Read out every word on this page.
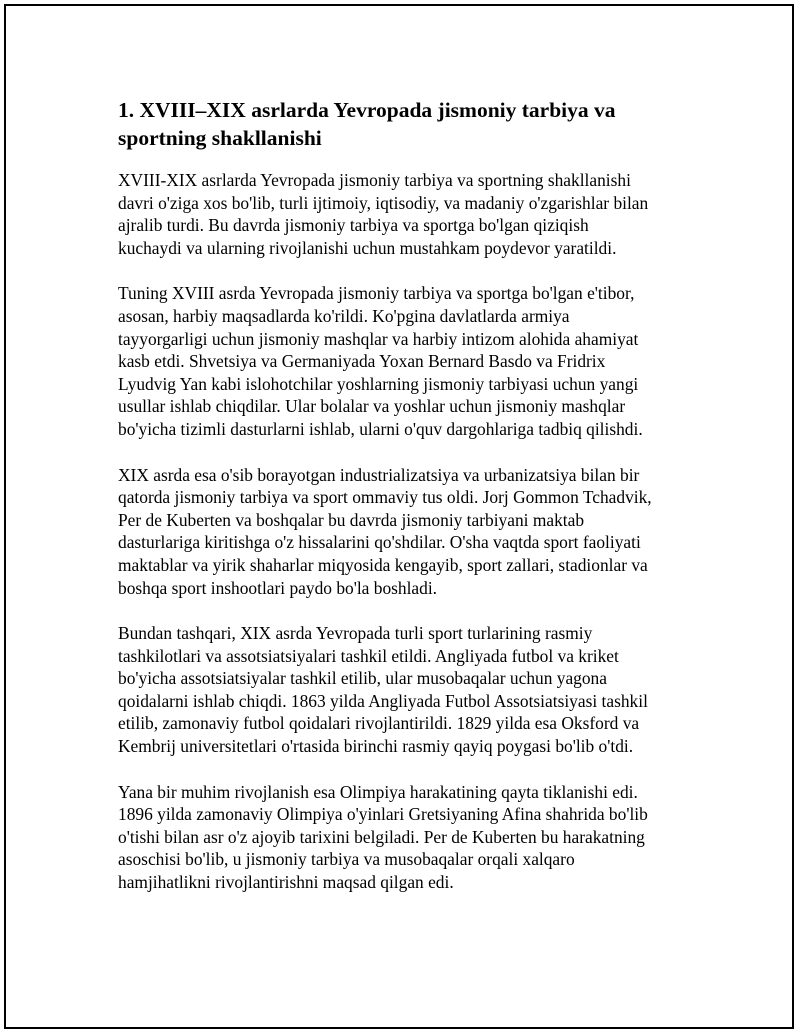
1. XVIII–XIX asrlarda Yevropada jismoniy tarbiya va
sportning shakllanishi
XVIII-XIX asrlarda Yevropada jismoniy tarbiya va sportning shakllanishi
davri o'ziga xos bo'lib, turli ijtimoiy, iqtisodiy, va madaniy o'zgarishlar bilan
ajralib turdi. Bu davrda jismoniy tarbiya va sportga bo'lgan qiziqish
kuchaydi va ularning rivojlanishi uchun mustahkam poydevor yaratildi.
Tuning XVIII asrda Yevropada jismoniy tarbiya va sportga bo'lgan e'tibor,
asosan, harbiy maqsadlarda ko'rildi. Ko'pgina davlatlarda armiya
tayyorgarligi uchun jismoniy mashqlar va harbiy intizom alohida ahamiyat
kasb etdi. Shvetsiya va Germaniyada Yoxan Bernard Basdo va Fridrix
Lyudvig Yan kabi islohotchilar yoshlarning jismoniy tarbiyasi uchun yangi
usullar ishlab chiqdilar. Ular bolalar va yoshlar uchun jismoniy mashqlar
bo'yicha tizimli dasturlarni ishlab, ularni o'quv dargohlariga tadbiq qilishdi.
XIX asrda esa o'sib borayotgan industrializatsiya va urbanizatsiya bilan bir
qatorda jismoniy tarbiya va sport ommaviy tus oldi. Jorj Gommon Tchadvik,
Per de Kuberten va boshqalar bu davrda jismoniy tarbiyani maktab
dasturlariga kiritishga o'z hissalarini qo'shdilar. O'sha vaqtda sport faoliyati
maktablar va yirik shaharlar miqyosida kengayib, sport zallari, stadionlar va
boshqa sport inshootlari paydo bo'la boshladi.
Bundan tashqari, XIX asrda Yevropada turli sport turlarining rasmiy
tashkilotlari va assotsiatsiyalari tashkil etildi. Angliyada futbol va kriket
bo'yicha assotsiatsiyalar tashkil etilib, ular musobaqalar uchun yagona
qoidalarni ishlab chiqdi. 1863 yilda Angliyada Futbol Assotsiatsiyasi tashkil
etilib, zamonaviy futbol qoidalari rivojlantirildi. 1829 yilda esa Oksford va
Kembrij universitetlari o'rtasida birinchi rasmiy qayiq poygasi bo'lib o'tdi.
Yana bir muhim rivojlanish esa Olimpiya harakatining qayta tiklanishi edi.
1896 yilda zamonaviy Olimpiya o'yinlari Gretsiyaning Afina shahrida bo'lib
o'tishi bilan asr o'z ajoyib tarixini belgiladi. Per de Kuberten bu harakatning
asoschisi bo'lib, u jismoniy tarbiya va musobaqalar orqali xalqaro
hamjihatlikni rivojlantirishni maqsad qilgan edi.
